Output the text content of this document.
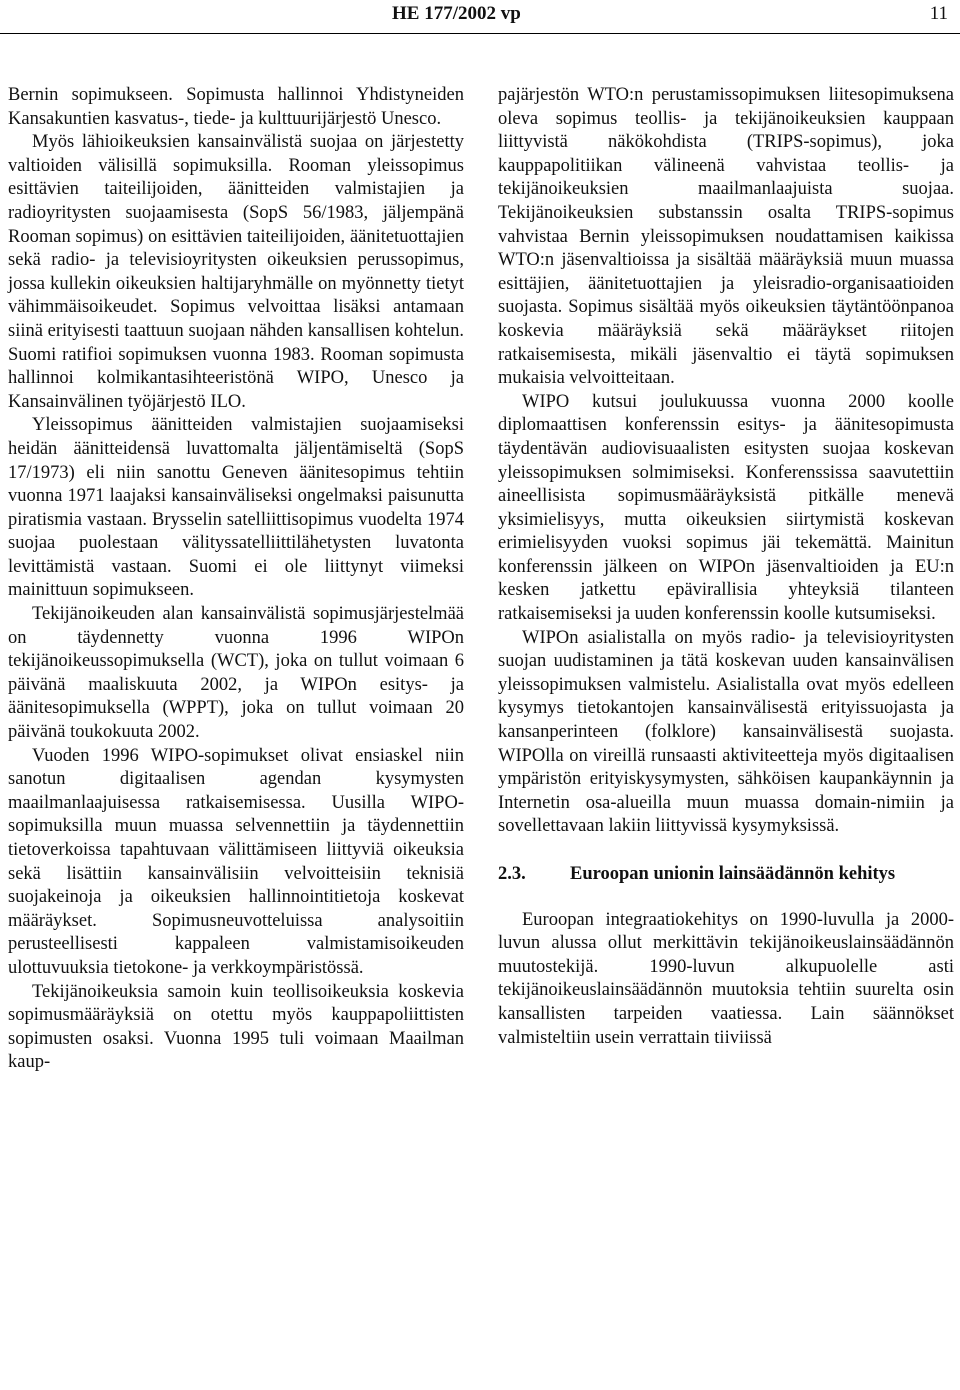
HE 177/2002 vp	11

Bernin sopimukseen. Sopimusta hallinnoi Yhdistyneiden Kansakuntien kasvatus-, tiede- ja kulttuurijärjestö Unesco.

Myös lähioikeuksien kansainvälistä suojaa on järjestetty valtioiden välisillä sopimuksilla. Rooman yleissopimus esittävien taiteilijoiden, äänitteiden valmistajien ja radioyritysten suojaamisesta (SopS 56/1983, jäljempänä Rooman sopimus) on esittävien taiteilijoiden, äänitetuottajien sekä radio- ja televisioyritysten oikeuksien perussopimus, jossa kullekin oikeuksien haltijaryhmälle on myönnetty tietyt vähimmäisoikeudet. Sopimus velvoittaa lisäksi antamaan siinä erityisesti taattuun suojaan nähden kansallisen kohtelun. Suomi ratifioi sopimuksen vuonna 1983. Rooman sopimusta hallinnoi kolmikantasihteeristönä WIPO, Unesco ja Kansainvälinen työjärjestö ILO.

Yleissopimus äänitteiden valmistajien suojaamiseksi heidän äänitteidensä luvattomalta jäljentämiseltä (SopS 17/1973) eli niin sanottu Geneven äänitesopimus tehtiin vuonna 1971 laajaksi kansainväliseksi ongelmaksi paisunutta piratismia vastaan. Brysselin satelliittisopimus vuodelta 1974 suojaa puolestaan välityssatelliittilähetysten luvatonta levittämistä vastaan. Suomi ei ole liittynyt viimeksi mainittuun sopimukseen.

Tekijänoikeuden alan kansainvälistä sopimusjärjestelmää on täydennetty vuonna 1996 WIPOn tekijänoikeussopimuksella (WCT), joka on tullut voimaan 6 päivänä maaliskuuta 2002, ja WIPOn esitys- ja äänitesopimuksella (WPPT), joka on tullut voimaan 20 päivänä toukokuuta 2002.

Vuoden 1996 WIPO-sopimukset olivat ensiaskel niin sanotun digitaalisen agendan kysymysten maailmanlaajuisessa ratkaisemisessa. Uusilla WIPO-sopimuksilla muun muassa selvennettiin ja täydennettiin tietoverkoissa tapahtuvaan välittämiseen liittyviä oikeuksia sekä lisättiin kansainvälisiin velvoitteisiin teknisiä suojakeinoja ja oikeuksien hallinnointitietoja koskevat määräykset. Sopimusneuvotteluissa analysoitiin perusteellisesti kappaleen valmistamisoikeuden ulottuvuuksia tietokone- ja verkkoympäristössä.

Tekijänoikeuksia samoin kuin teollisoikeuksia koskevia sopimusmääräyksiä on otettu myös kauppapoliittisten sopimusten osaksi. Vuonna 1995 tuli voimaan Maailman kaup-

pajärjestön WTO:n perustamissopimuksen liitesopimuksena oleva sopimus teollis- ja tekijänoikeuksien kauppaan liittyvistä näkökohdista (TRIPS-sopimus), joka kauppapolitiikan välineenä vahvistaa teollis- ja tekijänoikeuksien maailmanlaajuista suojaa. Tekijänoikeuksien substanssin osalta TRIPS-sopimus vahvistaa Bernin yleissopimuksen noudattamisen kaikissa WTO:n jäsenvaltioissa ja sisältää määräyksiä muun muassa esittäjien, äänitetuottajien ja yleisradio-organisaatioiden suojasta. Sopimus sisältää myös oikeuksien täytäntöönpanoa koskevia määräyksiä sekä määräykset riitojen ratkaisemisesta, mikäli jäsenvaltio ei täytä sopimuksen mukaisia velvoitteitaan.

WIPO kutsui joulukuussa vuonna 2000 koolle diplomaattisen konferenssin esitys- ja äänitesopimusta täydentävän audiovisuaalisten esitysten suojaa koskevan yleissopimuksen solmimiseksi. Konferenssissa saavutettiin aineellisista sopimusmääräyksistä pitkälle menevä yksimielisyys, mutta oikeuksien siirtymistä koskevan erimielisyyden vuoksi sopimus jäi tekemättä. Mainitun konferenssin jälkeen on WIPOn jäsenvaltioiden ja EU:n kesken jatkettu epävirallisia yhteyksiä tilanteen ratkaisemiseksi ja uuden konferenssin koolle kutsumiseksi.

WIPOn asialistalla on myös radio- ja televisioyritysten suojan uudistaminen ja tätä koskevan uuden kansainvälisen yleissopimuksen valmistelu. Asialistalla ovat myös edelleen kysymys tietokantojen kansainvälisestä erityissuojasta ja kansanperinteen (folklore) kansainvälisestä suojasta. WIPOlla on vireillä runsaasti aktiviteetteja myös digitaalisen ympäristön erityiskysymysten, sähköisen kaupankäynnin ja Internetin osa-alueilla muun muassa domain-nimiin ja sovellettavaan lakiin liittyvissä kysymyksissä.

2.3.	Euroopan unionin lainsäädännön kehitys

Euroopan integraatiokehitys on 1990-luvulla ja 2000-luvun alussa ollut merkittävin tekijänoikeuslainsäädännön muutostekijä. 1990-luvun alkupuolelle asti tekijänoikeuslainsäädännön muutoksia tehtiin suurelta osin kansallisten tarpeiden vaatiessa. Lain säännökset valmisteltiin usein verrattain tiiviissä
